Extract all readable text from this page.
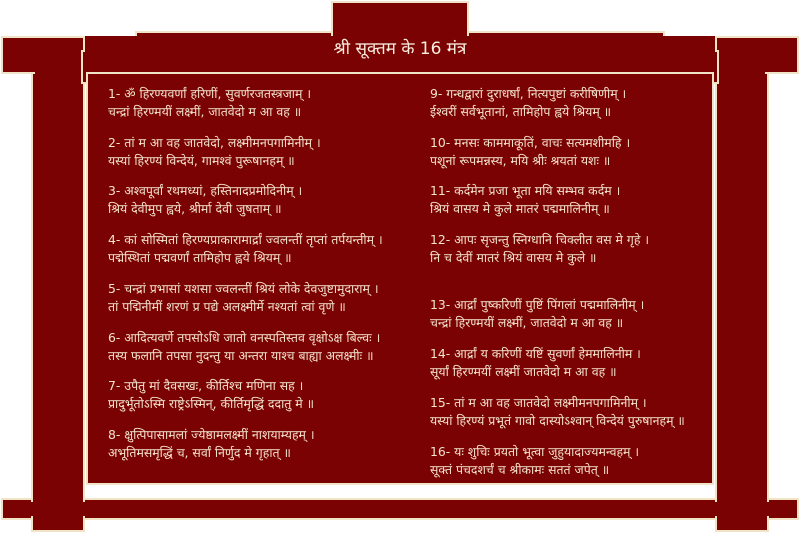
श्री सूक्तम के 16 मंत्र
1- ॐ हिरण्यवर्णां हरिणीं, सुवर्णरजतस्त्रजाम् ।
चन्द्रां हिरण्मयीं लक्ष्मीं, जातवेदो म आ वह ॥
2- तां म आ वह जातवेदो, लक्ष्मीमनपगामिनीम् ।
यस्यां हिरण्यं विन्देयं, गामश्वं पुरूषानहम् ॥
3- अश्वपूर्वां रथमध्यां, हस्तिनादप्रमोदिनीम् ।
श्रियं देवीमुप ह्वये, श्रीर्मा देवी जुषताम् ॥
4- कां सोस्मितां हिरण्यप्राकारामार्द्रां ज्वलन्तीं तृप्तां तर्पयन्तीम् ।
पद्मेस्थितां पद्मवर्णां तामिहोप ह्वये श्रियम् ॥
5- चन्द्रां प्रभासां यशसा ज्वलन्तीं श्रियं लोके देवजुष्टामुदाराम् ।
तां पद्मिनीमीं शरणं प्र पद्ये अलक्ष्मीर्मे नश्यतां त्वां वृणे ॥
6- आदित्यवर्णे तपसोऽधि जातो वनस्पतिस्तव वृक्षोऽक्ष बिल्वः ।
तस्य फलानि तपसा नुदन्तु या अन्तरा याश्च बाह्या अलक्ष्मीः ॥
7- उपैतु मां दैवसखः, कीर्तिश्च मणिना सह ।
प्रादुर्भूतोऽस्मि राष्ट्रेऽस्मिन्, कीर्तिमृद्धिं ददातु मे ॥
8- क्षुत्पिपासामलां ज्येष्ठामलक्ष्मीं नाशयाम्यहम् ।
अभूतिमसमृद्धिं च, सर्वां निर्णुद मे गृहात् ॥
9- गन्धद्वारां दुराधर्षां, नित्यपुष्टां करीषिणीम् ।
ईश्वरीं सर्वभूतानां, तामिहोप ह्वये श्रियम् ॥
10- मनसः काममाकूतिं, वाचः सत्यमशीमहि ।
पशूनां रूपमन्नस्य, मयि श्रीः श्रयतां यशः ॥
11- कर्दमेन प्रजा भूता मयि सम्भव कर्दम ।
श्रियं वासय मे कुले मातरं पद्ममालिनीम् ॥
12- आपः सृजन्तु स्निग्धानि चिक्लीत वस मे गृहे ।
नि च देवीं मातरं श्रियं वासय मे कुले ॥
13- आर्द्रां पुष्करिणीं पुष्टिं पिंगलां पद्ममालिनीम् ।
चन्द्रां हिरण्मयीं लक्ष्मीं, जातवेदो म आ वह ॥
14- आर्द्रां य करिणीं यष्टिं सुवर्णां हेममालिनीम ।
सूर्यां हिरण्मयीं लक्ष्मीं जातवेदो म आ वह ॥
15- तां म आ वह जातवेदो लक्ष्मीमनपगामिनीम् ।
यस्यां हिरण्यं प्रभूतं गावो दास्योऽश्वान् विन्देयं पुरुषानहम् ॥
16- यः शुचिः प्रयतो भूत्वा जुहुयादाज्यमन्वहम् ।
सूक्तं पंचदशर्चं च श्रीकामः सततं जपेत् ॥
